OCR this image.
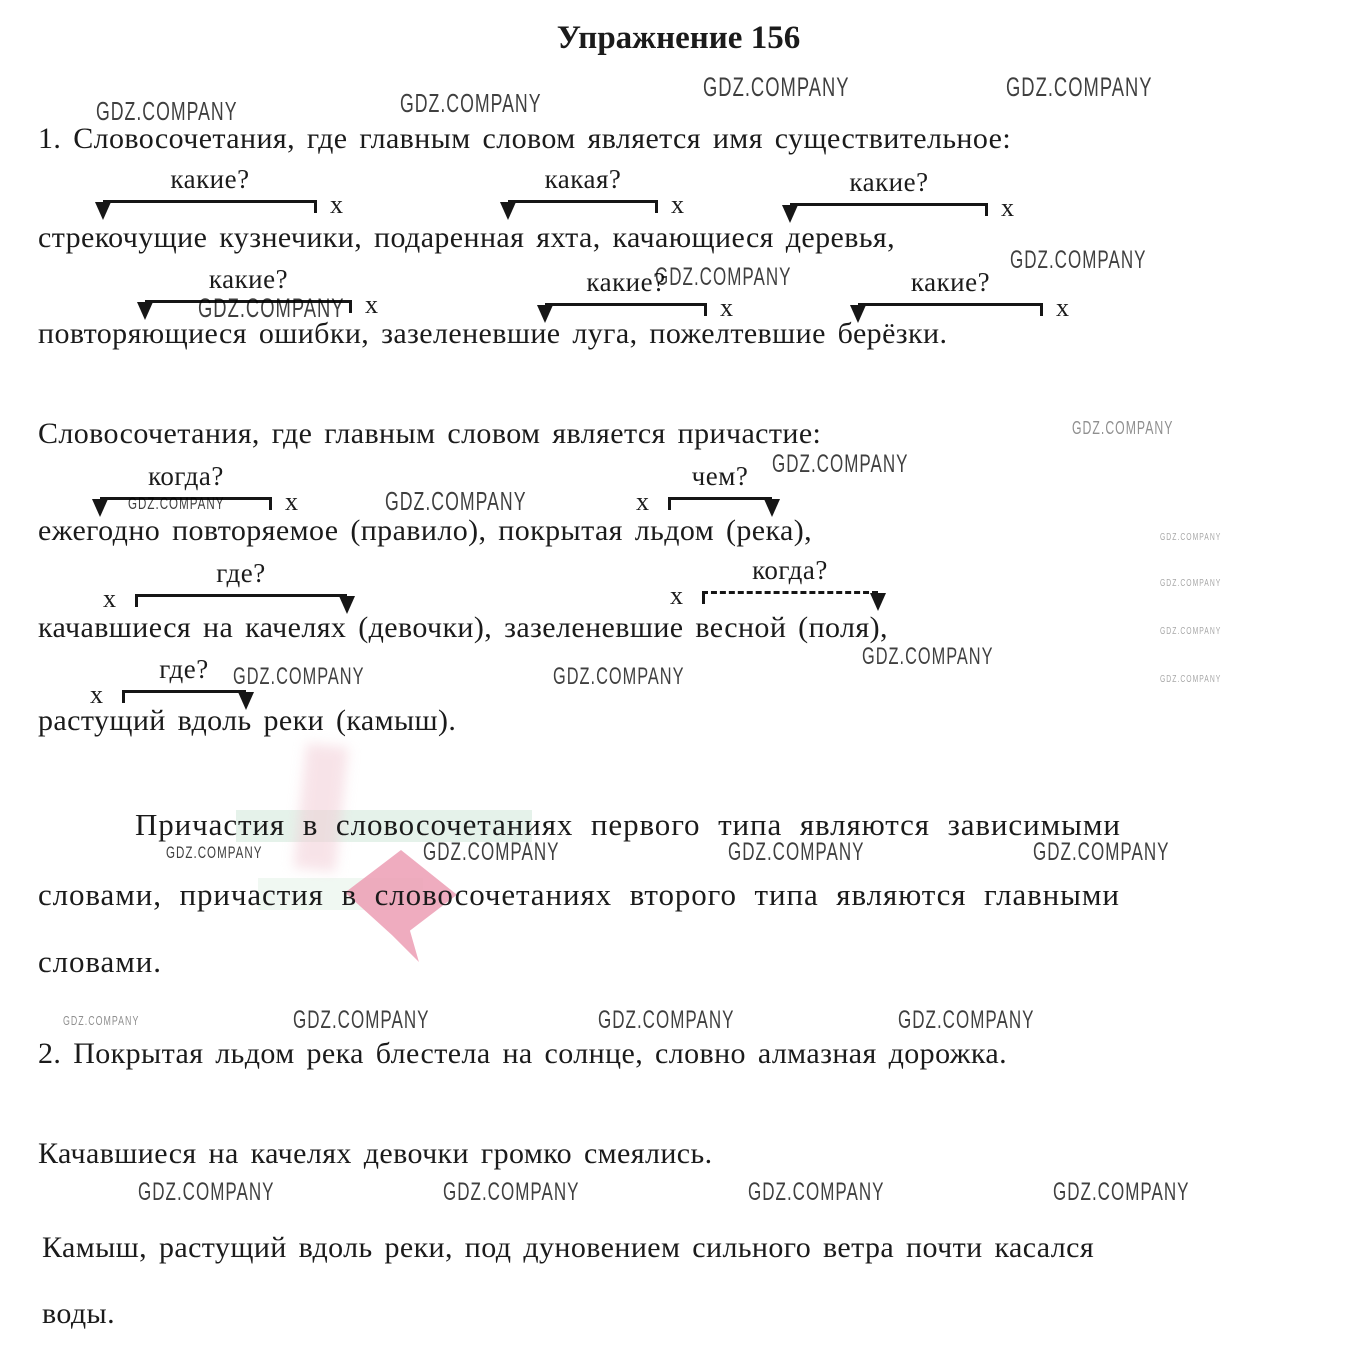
Упражнение 156
1. Словосочетания, где главным словом является имя существительное:
стрекочущие кузнечики, подаренная яхта, качающиеся деревья,
повторяющиеся ошибки, зазеленевшие луга, пожелтевшие берёзки.
Словосочетания, где главным словом является причастие:
ежегодно повторяемое (правило), покрытая льдом (река),
качавшиеся на качелях (девочки), зазеленевшие весной (поля),
растущий вдоль реки (камыш).
Причастия в словосочетаниях первого типа являются зависимыми
словами, причастия в словосочетаниях второго типа являются главными
словами.
2. Покрытая льдом река блестела на солнце, словно алмазная дорожка.
Качавшиеся на качелях девочки громко смеялись.
Камыш, растущий вдоль реки, под дуновением сильного ветра почти касался
воды.
какие?
х
какая?
х
какие?
х
какие?
х
какие?
х
какие?
х
когда?
х
чем?
х
где?
х
когда?
х
где?
х
GDZ.COMPANY	GDZ.COMPANY
GDZ.COMPANY	GDZ.COMPANY
GDZ.COMPANY
GDZ.COMPANY
GDZ.COMPANY
GDZ.COMPANY
GDZ.COMPANY
GDZ.COMPANY	GDZ.COMPANY
GDZ.COMPANY
GDZ.COMPANY
GDZ.COMPANY
GDZ.COMPANY
GDZ.COMPANY
GDZ.COMPANY	GDZ.COMPANY
GDZ.COMPANY	GDZ.COMPANY	GDZ.COMPANY	GDZ.COMPANY
GDZ.COMPANY	GDZ.COMPANY	GDZ.COMPANY	GDZ.COMPANY
GDZ.COMPANY	GDZ.COMPANY	GDZ.COMPANY	GDZ.COMPANY
